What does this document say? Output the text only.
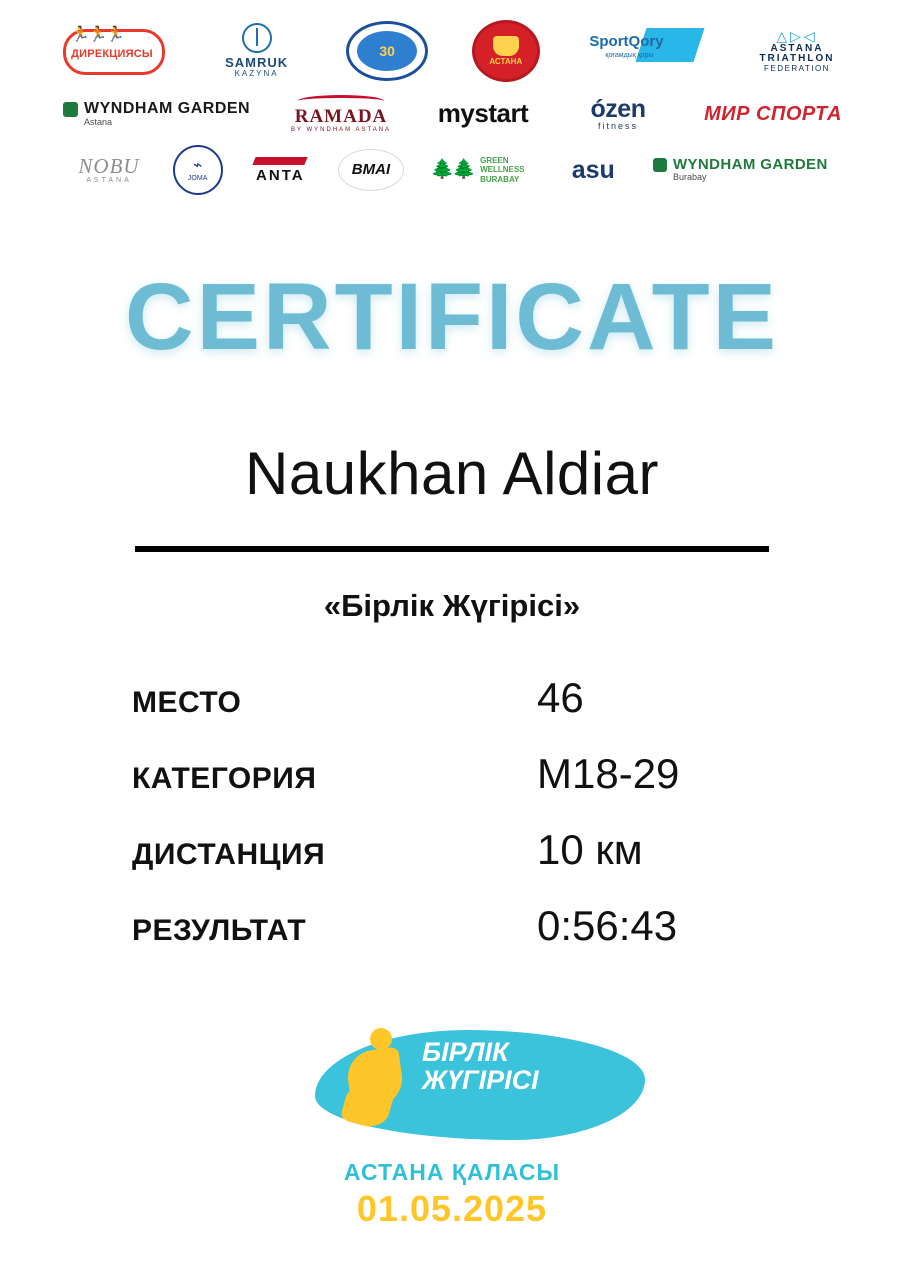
🏃🏃🏃
ДИРЕКЦИЯСЫ
SAMRUK
KAZYNA
30
АСТАНА
SportQory
қоғамдық қоры
△▷◁
ASTANA
TRIATHLON
FEDERATION
WYNDHAM GARDEN
Astana	RAMADA
BY WYNDHAM ASTANA
mystart	ózen
fitness
МИР СПОРТА
NOBU
ASTANA
⌁
JOMA	ANTA	BMAI	🌲🌲 GREEN
WELLNESS
BURABAY	asu	WYNDHAM GARDEN
Burabay
CERTIFICATE
Naukhan Aldiar
«Бірлік Жүгірісі»
МЕСТО	46
КАТЕГОРИЯ	M18-29
ДИСТАНЦИЯ	10 км
РЕЗУЛЬТАТ	0:56:43
БІРЛІК
ЖҮГІРІСІ
АСТАНА ҚАЛАСЫ
01.05.2025
